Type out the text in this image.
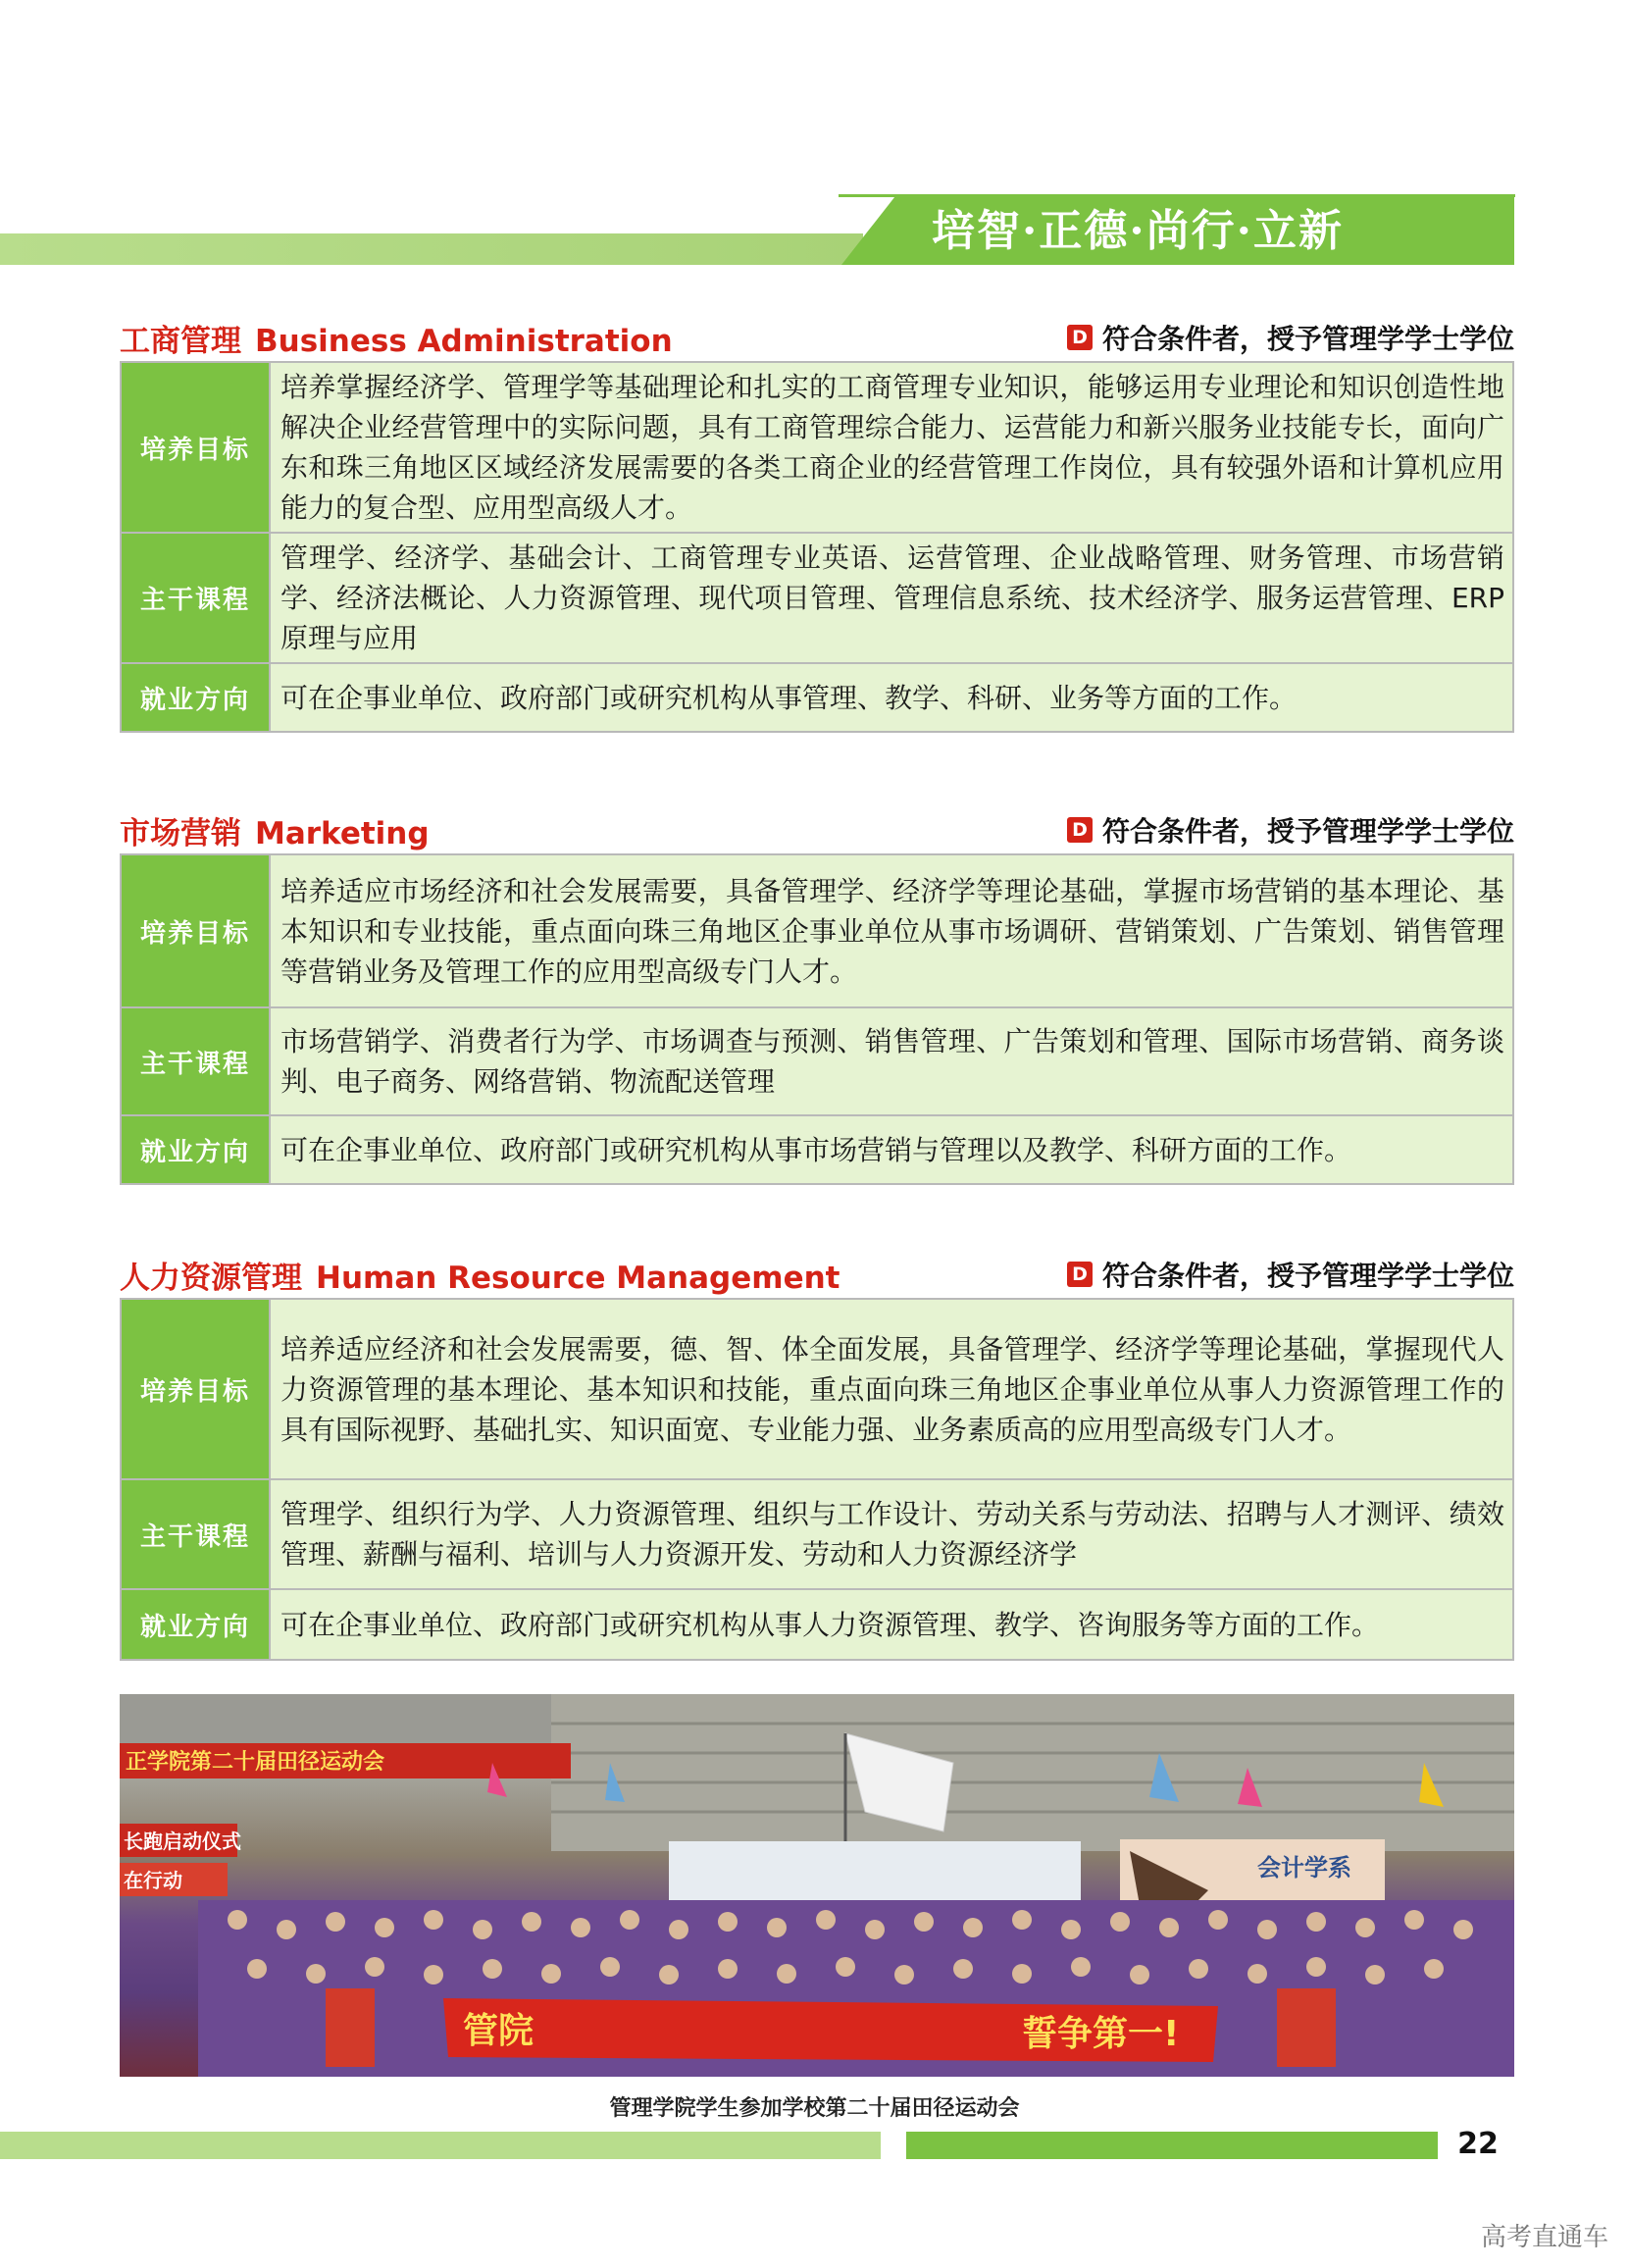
培智·正德·尚行·立新
工商管理 Business Administration	D 符合条件者，授予管理学学士学位
培养目标	培养掌握经济学、管理学等基础理论和扎实的工商管理专业知识，能够运用专业理论和知识创造性地解决企业经营管理中的实际问题，具有工商管理综合能力、运营能力和新兴服务业技能专长，面向广东和珠三角地区区域经济发展需要的各类工商企业的经营管理工作岗位，具有较强外语和计算机应用能力的复合型、应用型高级人才。
主干课程	管理学、经济学、基础会计、工商管理专业英语、运营管理、企业战略管理、财务管理、市场营销学、经济法概论、人力资源管理、现代项目管理、管理信息系统、技术经济学、服务运营管理、ERP原理与应用
就业方向	可在企事业单位、政府部门或研究机构从事管理、教学、科研、业务等方面的工作。
市场营销 Marketing	D 符合条件者，授予管理学学士学位
培养目标	培养适应市场经济和社会发展需要，具备管理学、经济学等理论基础，掌握市场营销的基本理论、基本知识和专业技能，重点面向珠三角地区企事业单位从事市场调研、营销策划、广告策划、销售管理等营销业务及管理工作的应用型高级专门人才。
主干课程	市场营销学、消费者行为学、市场调查与预测、销售管理、广告策划和管理、国际市场营销、商务谈判、电子商务、网络营销、物流配送管理
就业方向	可在企事业单位、政府部门或研究机构从事市场营销与管理以及教学、科研方面的工作。
人力资源管理 Human Resource Management	D 符合条件者，授予管理学学士学位
培养目标	培养适应经济和社会发展需要，德、智、体全面发展，具备管理学、经济学等理论基础，掌握现代人力资源管理的基本理论、基本知识和技能，重点面向珠三角地区企事业单位从事人力资源管理工作的具有国际视野、基础扎实、知识面宽、专业能力强、业务素质高的应用型高级专门人才。
主干课程	管理学、组织行为学、人力资源管理、组织与工作设计、劳动关系与劳动法、招聘与人才测评、绩效管理、薪酬与福利、培训与人力资源开发、劳动和人力资源经济学
就业方向	可在企事业单位、政府部门或研究机构从事人力资源管理、教学、咨询服务等方面的工作。
正学院第二十届田径运动会
长跑启动仪式
在行动	会计学系
管院	誓争第一!
管理学院学生参加学校第二十届田径运动会
22
高考直通车
